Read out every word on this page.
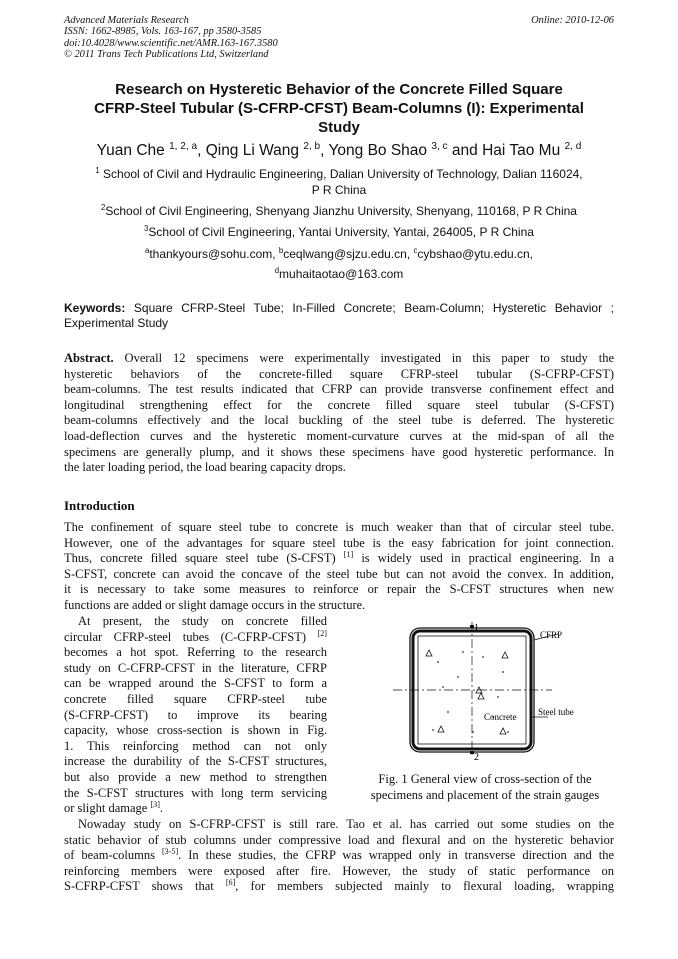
Advanced Materials Research
ISSN: 1662-8985, Vols. 163-167, pp 3580-3585
doi:10.4028/www.scientific.net/AMR.163-167.3580
© 2011 Trans Tech Publications Ltd, Switzerland
Online: 2010-12-06
Research on Hysteretic Behavior of the Concrete Filled Square
CFRP-Steel Tubular (S-CFRP-CFST) Beam-Columns (I): Experimental
Study
Yuan Che $^{1, 2, a}$, Qing Li Wang $^{2, b}$, Yong Bo Shao $^{3, c}$ and Hai Tao Mu $^{2, d}$
$^1$ School of Civil and Hydraulic Engineering, Dalian University of Technology, Dalian 116024,
P R China
$^2$School of Civil Engineering, Shenyang Jianzhu University, Shenyang, 110168, P R China
$^3$School of Civil Engineering, Yantai University, Yantai, 264005, P R China
$^a$thankyours@sohu.com, $^b$ceqlwang@sjzu.edu.cn, $^c$cybshao@ytu.edu.cn,
$^d$muhaitaotao@163.com
Keywords: Square CFRP-Steel Tube; In-Filled Concrete; Beam-Column; Hysteretic Behavior ; Experimental Study
Abstract. Overall 12 specimens were experimentally investigated in this paper to study the
hysteretic behaviors of the concrete-filled square CFRP-steel tubular (S-CFRP-CFST)
beam-columns. The test results indicated that CFRP can provide transverse confinement effect and
longitudinal strengthening effect for the concrete filled square steel tubular (S-CFST)
beam-columns effectively and the local buckling of the steel tube is deferred. The hysteretic
load-deflection curves and the hysteretic moment-curvature curves at the mid-span of all the
specimens are generally plump, and it shows these specimens have good hysteretic performance. In
the later loading period, the load bearing capacity drops.
Introduction
The confinement of square steel tube to concrete is much weaker than that of circular steel tube.
However, one of the advantages for square steel tube is the easy fabrication for joint connection.
Thus, concrete filled square steel tube (S-CFST) [1] is widely used in practical engineering. In a
S-CFST, concrete can avoid the concave of the steel tube but can not avoid the convex. In addition,
it is necessary to take some measures to reinforce or repair the S-CFST structures when new
functions are added or slight damage occurs in the structure.
At present, the study on concrete filled
circular CFRP-steel tubes (C-CFRP-CFST) [2]
becomes a hot spot. Referring to the research
study on C-CFRP-CFST in the literature, CFRP
can be wrapped around the S-CFST to form a
concrete filled square CFRP-steel tube
(S-CFRP-CFST) to improve its bearing
capacity, whose cross-section is shown in Fig.
1. This reinforcing method can not only
increase the durability of the S-CFST structures,
but also provide a new method to strengthen
the S-CFST structures with long term servicing
or slight damage [3].
1
2
CFRP
Steel tube
Concrete
Fig. 1 General view of cross-section of the
specimens and placement of the strain gauges
Nowaday study on S-CFRP-CFST is still rare. Tao et al. has carried out some studies on the
static behavior of stub columns under compressive load and flexural and on the hysteretic behavior
of beam-columns [3-5]. In these studies, the CFRP was wrapped only in transverse direction and the
reinforcing members were exposed after fire. However, the study of static performance on
S-CFRP-CFST shows that [6], for members subjected mainly to flexural loading, wrapping
